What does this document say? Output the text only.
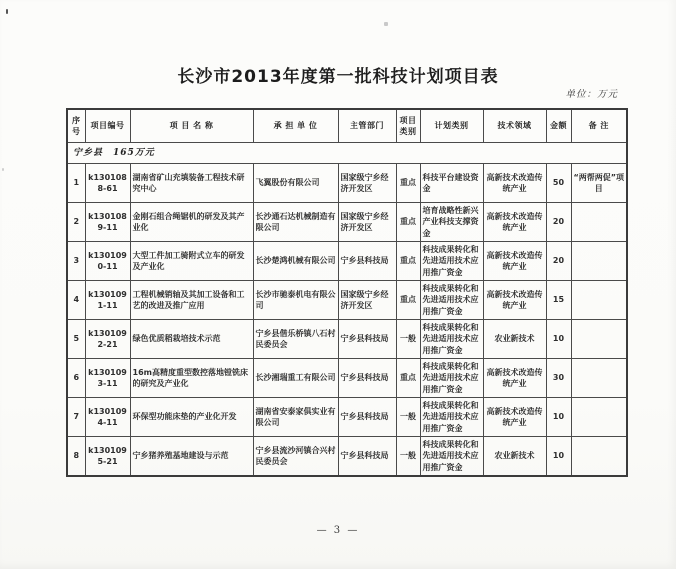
长沙市2013年度第一批科技计划项目表
单位：万元
序号	项目编号	项 目 名 称	承 担 单 位	主管部门	项目 类别	计划类别	技术领域	金额	备 注
宁乡县　165万元									
1	k1301088-61	湖南省矿山充填装备工程技术研究中心	飞翼股份有限公司	国家级宁乡经济开发区	重点	科技平台建设资金	高新技术改造传统产业	50	“两帮两促”项目
2	k1301089-11	金刚石组合绳锯机的研发及其产业化	长沙通石达机械制造有限公司	国家级宁乡经济开发区	重点	培育战略性新兴产业科技支撑资金	高新技术改造传统产业	20	
3	k1301090-11	大型工件加工骑附式立车的研发及产业化	长沙楚鸿机械有限公司	宁乡县科技局	重点	科技成果转化和先进适用技术应用推广资金	高新技术改造传统产业	20	
4	k1301091-11	工程机械销轴及其加工设备和工艺的改进及推广应用	长沙市驰泰机电有限公司	国家级宁乡经济开发区	重点	科技成果转化和先进适用技术应用推广资金	高新技术改造传统产业	15	
5	k1301092-21	绿色优质稻栽培技术示范	宁乡县偕乐桥镇八石村民委员会	宁乡县科技局	一般	科技成果转化和先进适用技术应用推广资金	农业新技术	10	
6	k1301093-11	16m高精度重型数控落地镗铣床的研究及产业化	长沙湘瑞重工有限公司	宁乡县科技局	重点	科技成果转化和先进适用技术应用推广资金	高新技术改造传统产业	30	
7	k1301094-11	环保型功能床垫的产业化开发	湖南省安泰家俱实业有限公司	宁乡县科技局	一般	科技成果转化和先进适用技术应用推广资金	高新技术改造传统产业	10	
8	k1301095-21	宁乡猪养殖基地建设与示范	宁乡县流沙河镇合兴村民委员会	宁乡县科技局	一般	科技成果转化和先进适用技术应用推广资金	农业新技术	10	
— 3 —
